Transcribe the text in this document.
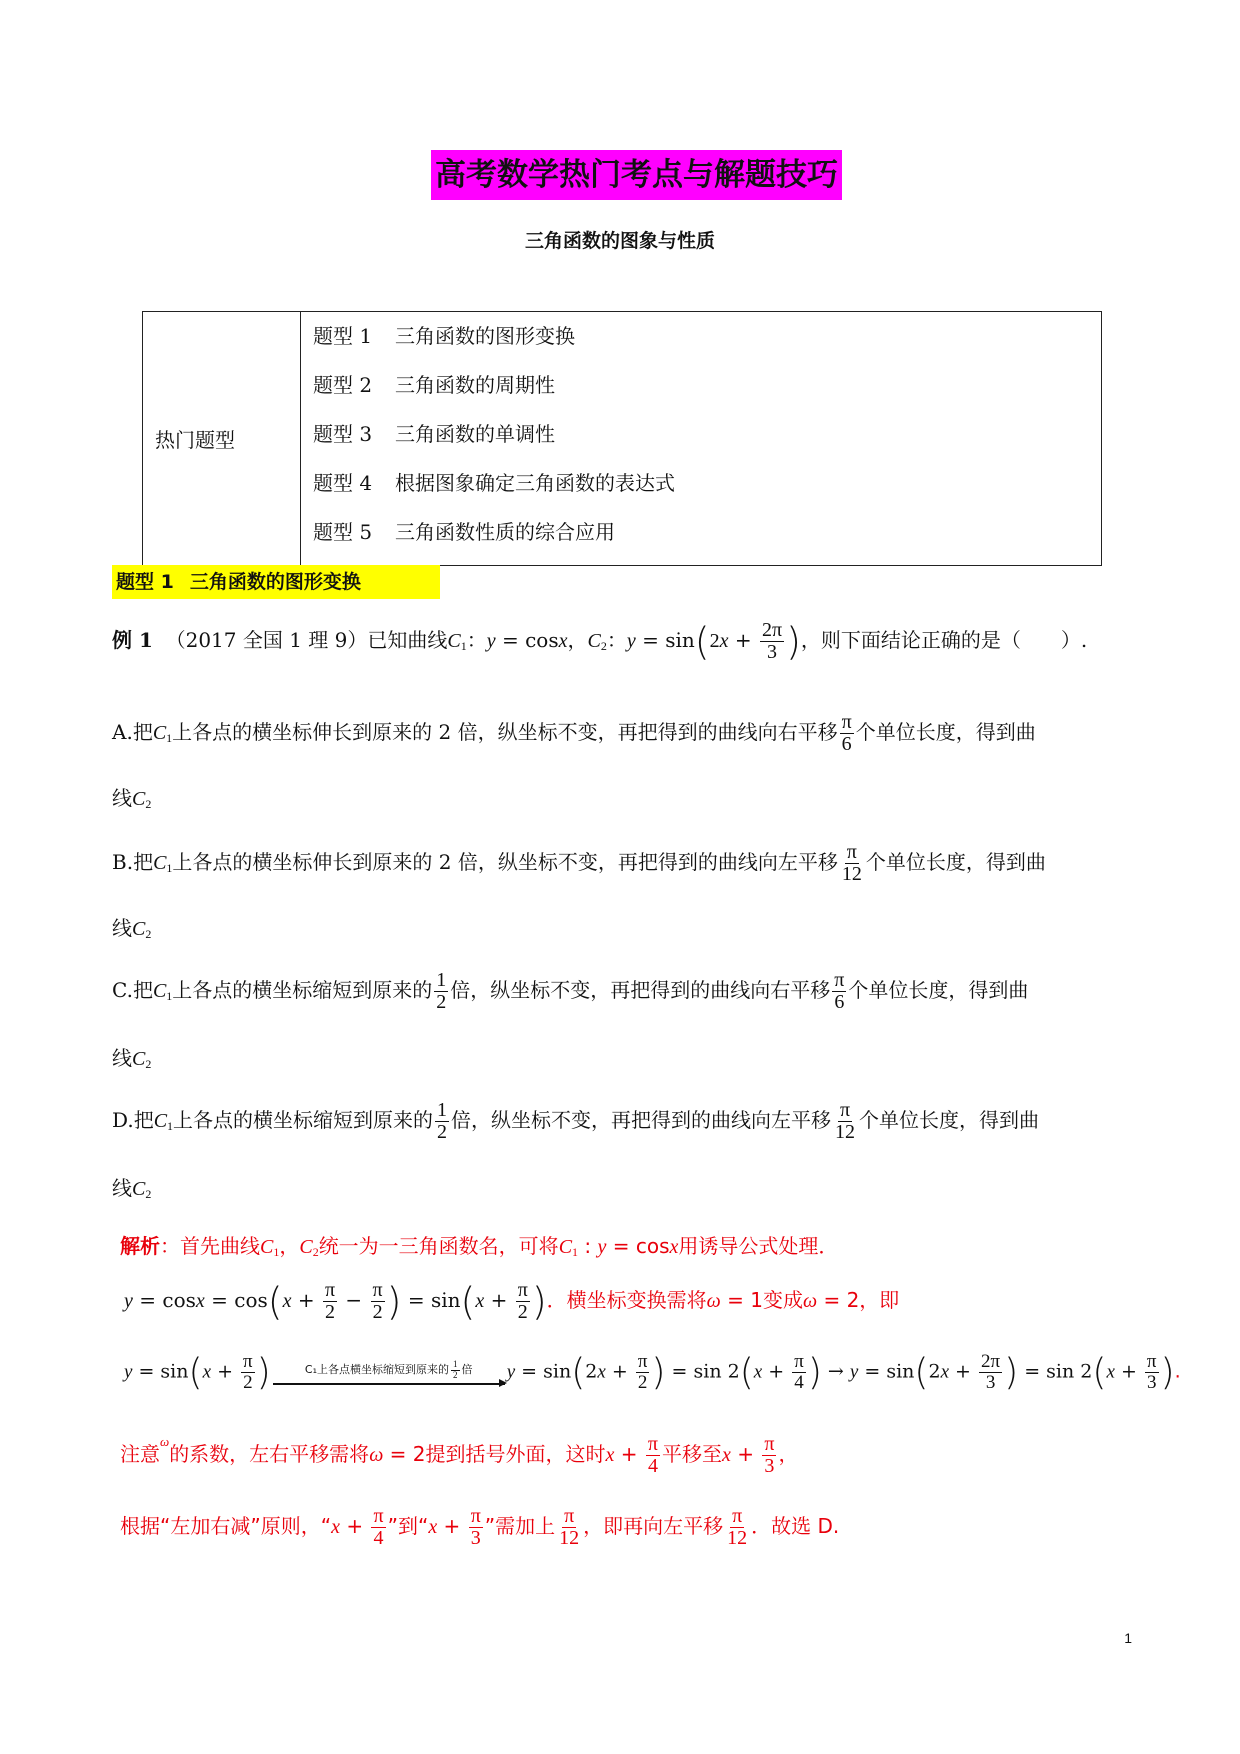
高考数学热门考点与解题技巧
三角函数的图象与性质
热门题型	
题型 1 三角函数的图形变换
题型 2 三角函数的周期性
题型 3 三角函数的单调性
题型 4 根据图象确定三角函数的表达式
题型 5 三角函数性质的综合应用
题型 1 三角函数的图形变换
例 1 （2017 全国 1 理 9）已知曲线$C_1$：y = cosx，$C_2$：$y = \sin(2x + \frac{2\pi}{3}$ )，则下面结论正确的是（　　）.
A.把$C_1$上各点的横坐标伸长到原来的 2 倍，纵坐标不变，再把得到的曲线向右平移 $\frac{\pi}{6}$ 个单位长度，得到曲
线$C_2$
B.把$C_1$上各点的横坐标伸长到原来的 2 倍，纵坐标不变，再把得到的曲线向左平移 $\frac{\pi}{12}$ 个单位长度，得到曲
线$C_2$
C.把$C_1$上各点的横坐标缩短到原来的 $\frac{1}{2}$ 倍，纵坐标不变，再把得到的曲线向右平移 $\frac{\pi}{6}$ 个单位长度，得到曲
线$C_2$
D.把$C_1$上各点的横坐标缩短到原来的 $\frac{1}{2}$ 倍，纵坐标不变，再把得到的曲线向左平移 $\frac{\pi}{12}$ 个单位长度，得到曲
线$C_2$
解析：首先曲线$C_1$，$C_2$统一为一三角函数名，可将$C_1$ : y = cosx用诱导公式处理．
$y = \cos x = \cos(x + \frac{\pi}{2} - \frac{\pi}{2}$ ) = $\sin(x + \frac{\pi}{2}$ )．横坐标变换需将ω = 1变成ω = 2，即
$y = \sin(x + \frac{\pi}{2}$ )	C₁上各点横坐标缩短到原来的 $\frac{1}{2}$ 倍 $y = \sin(2x + \frac{\pi}{2}$ ) = $\sin 2(x + \frac{\pi}{4}$ ) → $y = \sin(2x + \frac{2\pi}{3}$ ) = $\sin 2(x + \frac{\pi}{3}$ ).
注意$^\omega$的系数，左右平移需将ω = 2提到括号外面，这时$x + \frac{\pi}{4}$ 平移至$x + \frac{\pi}{3}$ ，
根据“左加右减”原则，“$x + \frac{\pi}{4}$ ”到“$x + \frac{\pi}{3}$ ”需加上 $\frac{\pi}{12}$ ，即再向左平移 $\frac{\pi}{12}$ ．故选 D.
1
